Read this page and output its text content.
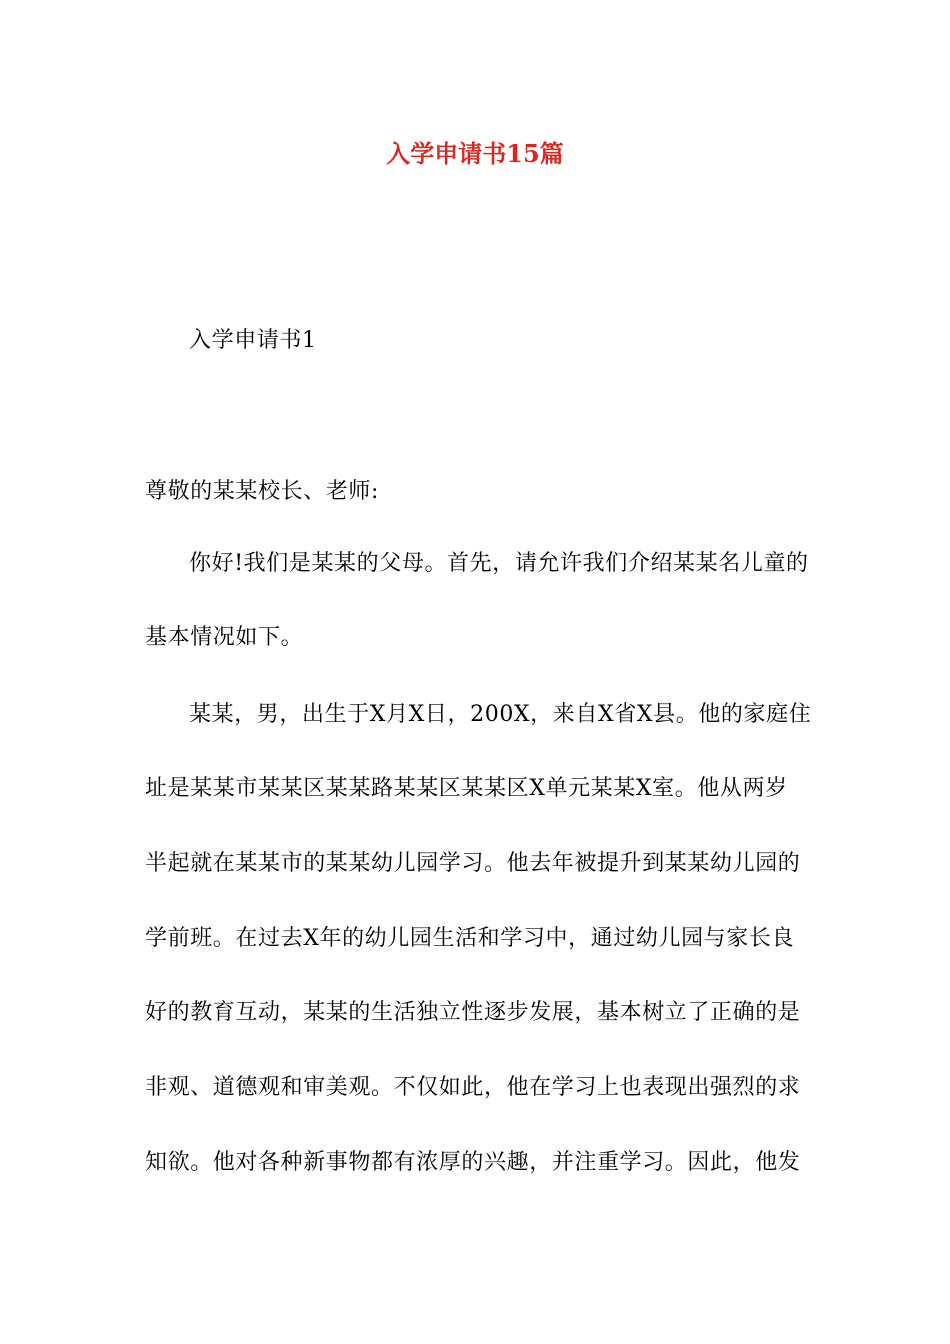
入学申请书15篇
入学申请书1
尊敬的某某校长、老师:
你好!我们是某某的父母。首先，请允许我们介绍某某名儿童的
基本情况如下。
某某，男，出生于X月X日，200X，来自X省X县。他的家庭住
址是某某市某某区某某路某某区某某区X单元某某X室。他从两岁
半起就在某某市的某某幼儿园学习。他去年被提升到某某幼儿园的
学前班。在过去X年的幼儿园生活和学习中，通过幼儿园与家长良
好的教育互动，某某的生活独立性逐步发展，基本树立了正确的是
非观、道德观和审美观。不仅如此，他在学习上也表现出强烈的求
知欲。他对各种新事物都有浓厚的兴趣，并注重学习。因此，他发
